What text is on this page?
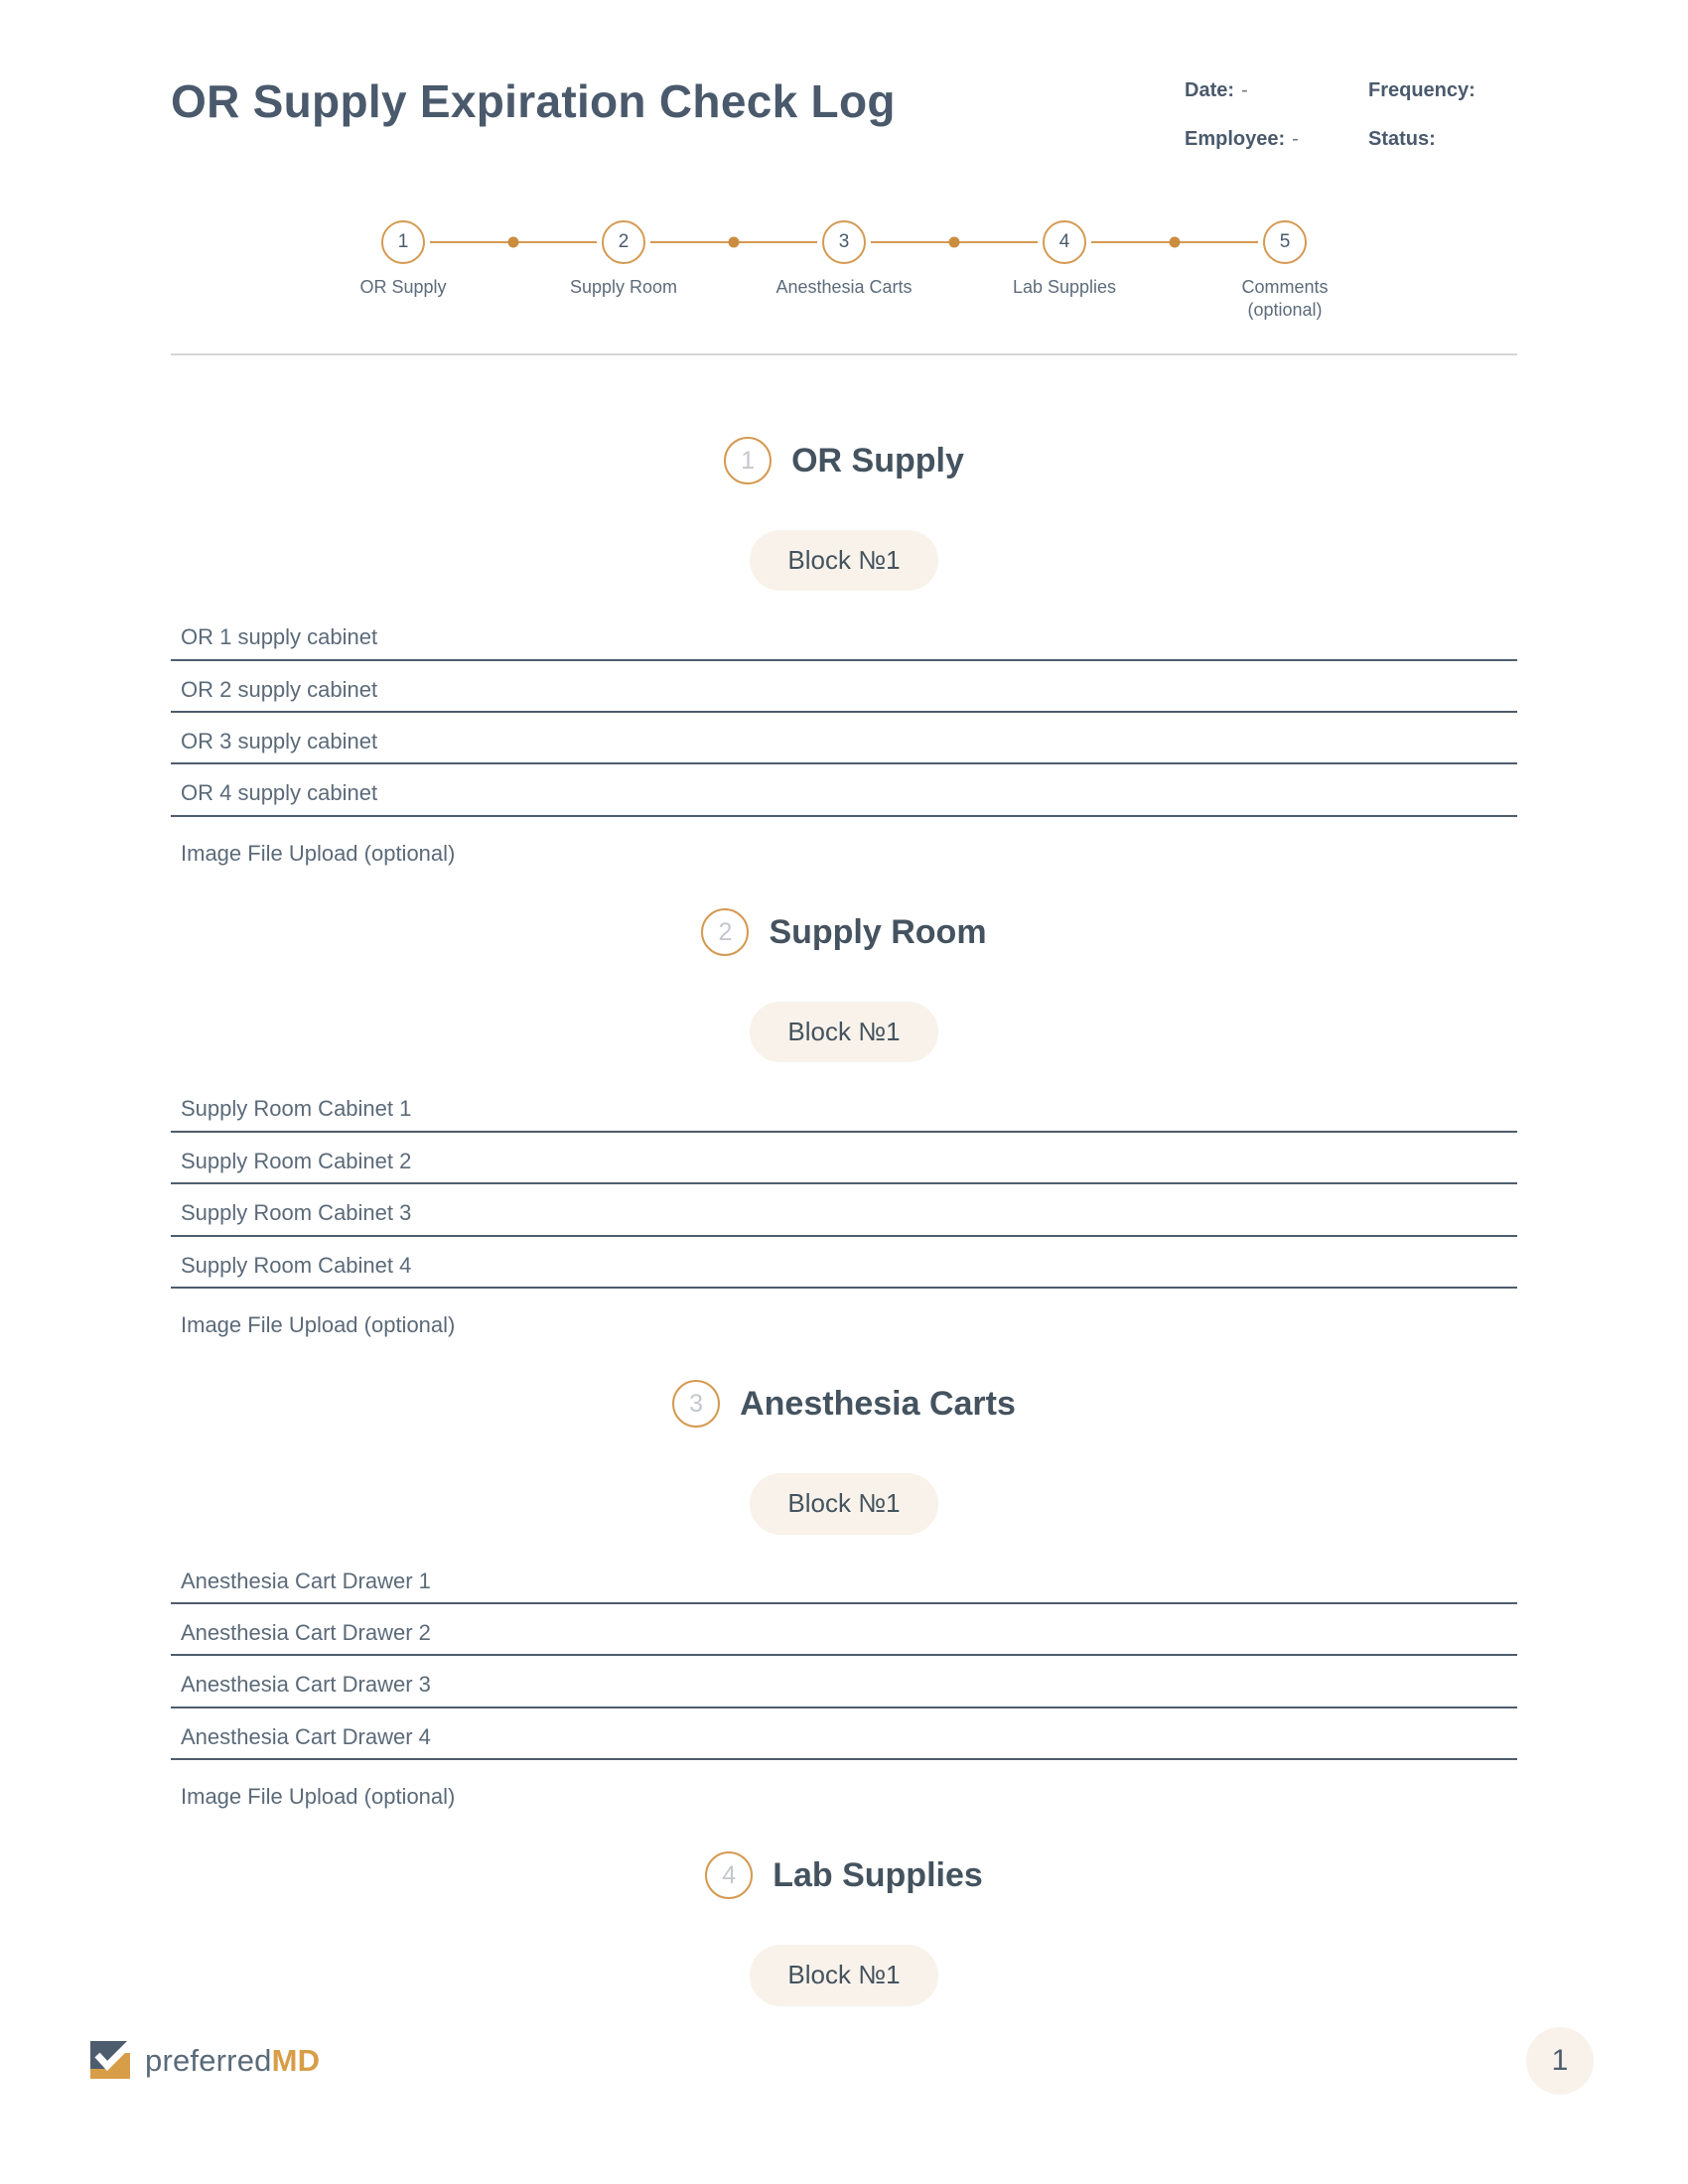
OR Supply Expiration Check Log	Date: -	Frequency:
Employee: -	Status:
1
OR Supply
2
Supply Room
3
Anesthesia Carts
4
Lab Supplies
5
Comments (optional)
1	OR Supply
Block №1
OR 1 supply cabinet
OR 2 supply cabinet
OR 3 supply cabinet
OR 4 supply cabinet
Image File Upload (optional)
2	Supply Room
Block №1
Supply Room Cabinet 1
Supply Room Cabinet 2
Supply Room Cabinet 3
Supply Room Cabinet 4
Image File Upload (optional)
3	Anesthesia Carts
Block №1
Anesthesia Cart Drawer 1
Anesthesia Cart Drawer 2
Anesthesia Cart Drawer 3
Anesthesia Cart Drawer 4
Image File Upload (optional)
4	Lab Supplies
Block №1
preferredMD	1
